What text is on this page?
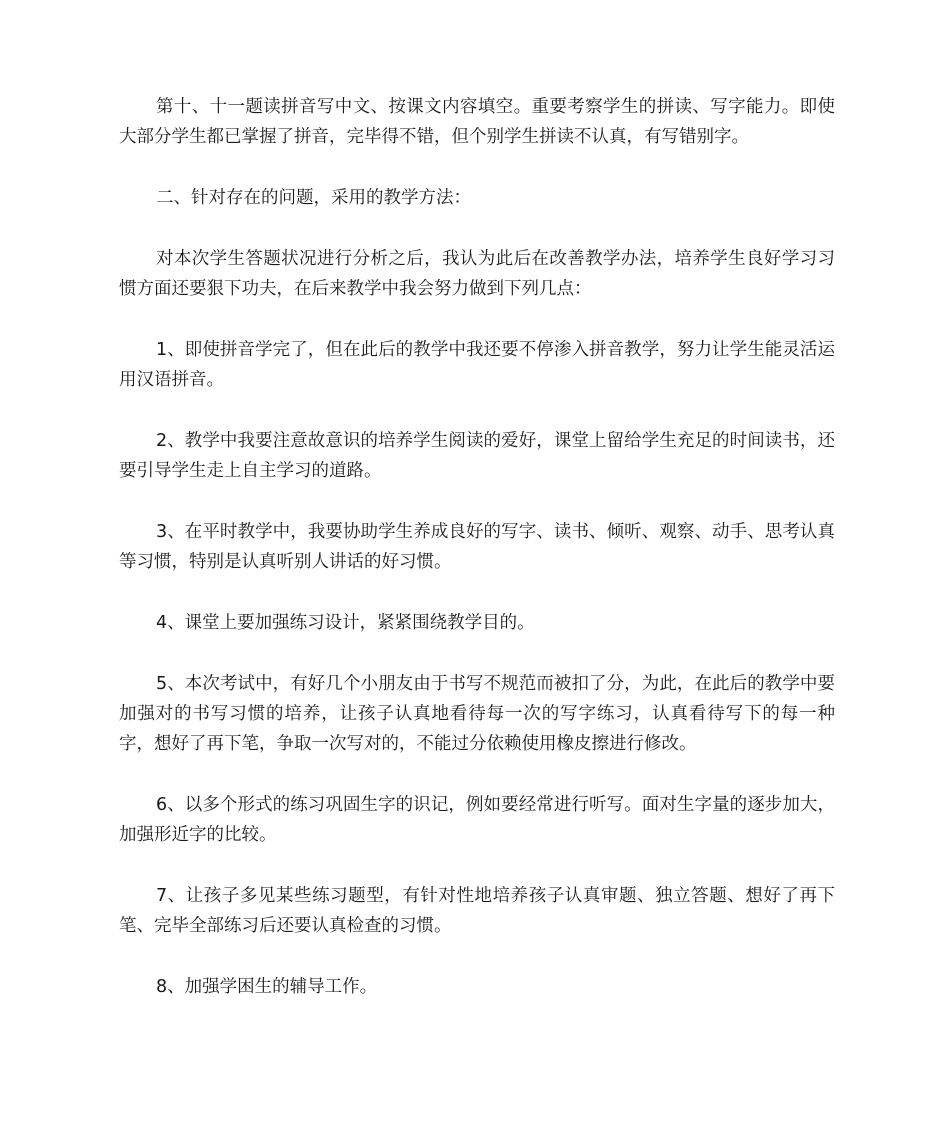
第十、十一题读拼音写中文、按课文内容填空。重要考察学生的拼读、写字能力。即使大部分学生都已掌握了拼音，完毕得不错，但个别学生拼读不认真，有写错别字。

二、针对存在的问题，采用的教学方法：

对本次学生答题状况进行分析之后，我认为此后在改善教学办法，培养学生良好学习习惯方面还要狠下功夫，在后来教学中我会努力做到下列几点：

1、即使拼音学完了，但在此后的教学中我还要不停渗入拼音教学，努力让学生能灵活运用汉语拼音。

2、教学中我要注意故意识的培养学生阅读的爱好，课堂上留给学生充足的时间读书，还要引导学生走上自主学习的道路。

3、在平时教学中，我要协助学生养成良好的写字、读书、倾听、观察、动手、思考认真等习惯，特别是认真听别人讲话的好习惯。

4、课堂上要加强练习设计，紧紧围绕教学目的。

5、本次考试中，有好几个小朋友由于书写不规范而被扣了分，为此，在此后的教学中要加强对的书写习惯的培养，让孩子认真地看待每一次的写字练习，认真看待写下的每一种字，想好了再下笔，争取一次写对的，不能过分依赖使用橡皮擦进行修改。

6、以多个形式的练习巩固生字的识记，例如要经常进行听写。面对生字量的逐步加大，加强形近字的比较。

7、让孩子多见某些练习题型，有针对性地培养孩子认真审题、独立答题、想好了再下笔、完毕全部练习后还要认真检查的习惯。

8、加强学困生的辅导工作。
